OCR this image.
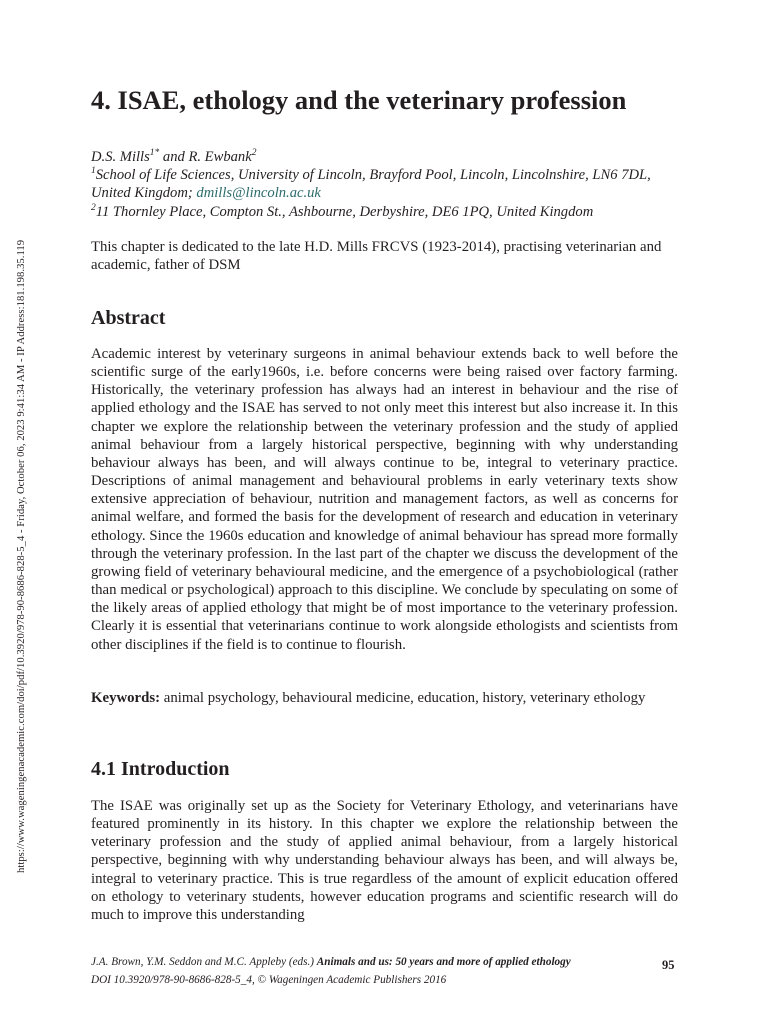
https://www.wageningenacademic.com/doi/pdf/10.3920/978-90-8686-828-5_4 - Friday, October 06, 2023 9:41:34 AM - IP Address:181.198.35.119
4. ISAE, ethology and the veterinary profession
D.S. Mills$^{1*}$ and R. Ewbank$^2$
$^1$School of Life Sciences, University of Lincoln, Brayford Pool, Lincoln, Lincolnshire, LN6 7DL, United Kingdom; dmills@lincoln.ac.uk
$^2$11 Thornley Place, Compton St., Ashbourne, Derbyshire, DE6 1PQ, United Kingdom
This chapter is dedicated to the late H.D. Mills FRCVS (1923-2014), practising veterinarian and academic, father of DSM
Abstract

Academic interest by veterinary surgeons in animal behaviour extends back to well before the scientific surge of the early1960s, i.e. before concerns were being raised over factory farming. Historically, the veterinary profession has always had an interest in behaviour and the rise of applied ethology and the ISAE has served to not only meet this interest but also increase it. In this chapter we explore the relationship between the veterinary profession and the study of applied animal behaviour from a largely historical perspective, beginning with why understanding behaviour always has been, and will always continue to be, integral to veterinary practice. Descriptions of animal management and behavioural problems in early veterinary texts show extensive appreciation of behaviour, nutrition and management factors, as well as concerns for animal welfare, and formed the basis for the development of research and education in veterinary ethology. Since the 1960s education and knowledge of animal behaviour has spread more formally through the veterinary profession. In the last part of the chapter we discuss the development of the growing field of veterinary behavioural medicine, and the emergence of a psychobiological (rather than medical or psychological) approach to this discipline. We conclude by speculating on some of the likely areas of applied ethology that might be of most importance to the veterinary profession. Clearly it is essential that veterinarians continue to work alongside ethologists and scientists from other disciplines if the field is to continue to flourish.

Keywords: animal psychology, behavioural medicine, education, history, veterinary ethology

4.1 Introduction

The ISAE was originally set up as the Society for Veterinary Ethology, and veterinarians have featured prominently in its history. In this chapter we explore the relationship between the veterinary profession and the study of applied animal behaviour, from a largely historical perspective, beginning with why understanding behaviour always has been, and will always be, integral to veterinary practice. This is true regardless of the amount of explicit education offered on ethology to veterinary students, however education programs and scientific research will do much to improve this understanding

J.A. Brown, Y.M. Seddon and M.C. Appleby (eds.) Animals and us: 50 years and more of applied ethology
DOI 10.3920/978-90-8686-828-5_4, © Wageningen Academic Publishers 2016
95
